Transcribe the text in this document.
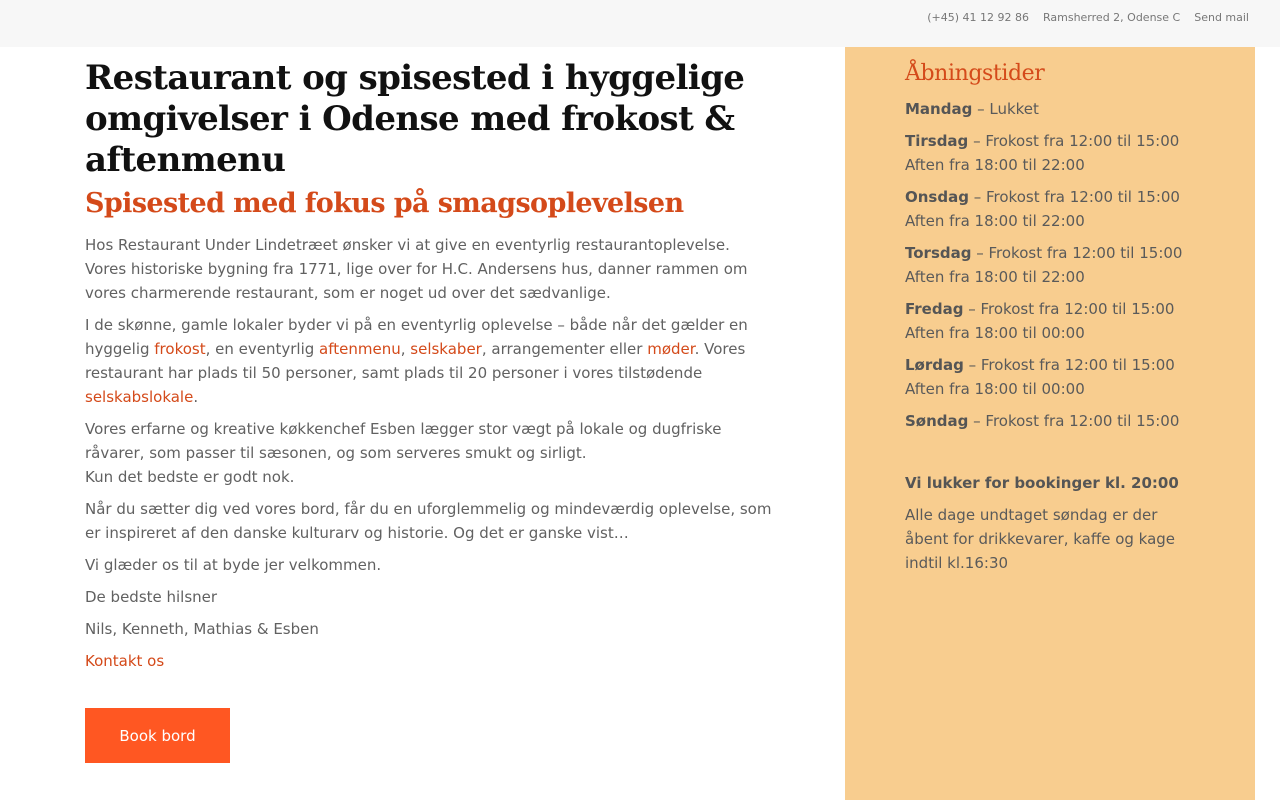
(+45) 41 12 92 86 Ramsherred 2, Odense C Send mail
Restaurant og spisested i hyggelige omgivelser i Odense med frokost & aftenmenu
Spisested med fokus på smagsoplevelsen

Hos Restaurant Under Lindetræet ønsker vi at give en eventyrlig restaurantoplevelse. Vores historiske bygning fra 1771, lige over for H.C. Andersens hus, danner rammen om vores charmerende restaurant, som er noget ud over det sædvanlige.

I de skønne, gamle lokaler byder vi på en eventyrlig oplevelse – både når det gælder en hyggelig frokost, en eventyrlig aftenmenu, selskaber, arrangementer eller møder. Vores restaurant har plads til 50 personer, samt plads til 20 personer i vores tilstødende selskabslokale.

Vores erfarne og kreative køkkenchef Esben lægger stor vægt på lokale og dugfriske råvarer, som passer til sæsonen, og som serveres smukt og sirligt.
Kun det bedste er godt nok.

Når du sætter dig ved vores bord, får du en uforglemmelig og mindeværdig oplevelse, som er inspireret af den danske kulturarv og historie. Og det er ganske vist…

Vi glæder os til at byde jer velkommen.

De bedste hilsner

Nils, Kenneth, Mathias & Esben

Kontakt os

Book bord
Åbningstider
Mandag – Lukket
Tirsdag – Frokost fra 12:00 til 15:00
Aften fra 18:00 til 22:00
Onsdag – Frokost fra 12:00 til 15:00
Aften fra 18:00 til 22:00
Torsdag – Frokost fra 12:00 til 15:00
Aften fra 18:00 til 22:00
Fredag – Frokost fra 12:00 til 15:00
Aften fra 18:00 til 00:00
Lørdag – Frokost fra 12:00 til 15:00
Aften fra 18:00 til 00:00
Søndag – Frokost fra 12:00 til 15:00
Vi lukker for bookinger kl. 20:00
Alle dage undtaget søndag er der åbent for drikkevarer, kaffe og kage indtil kl.16:30
